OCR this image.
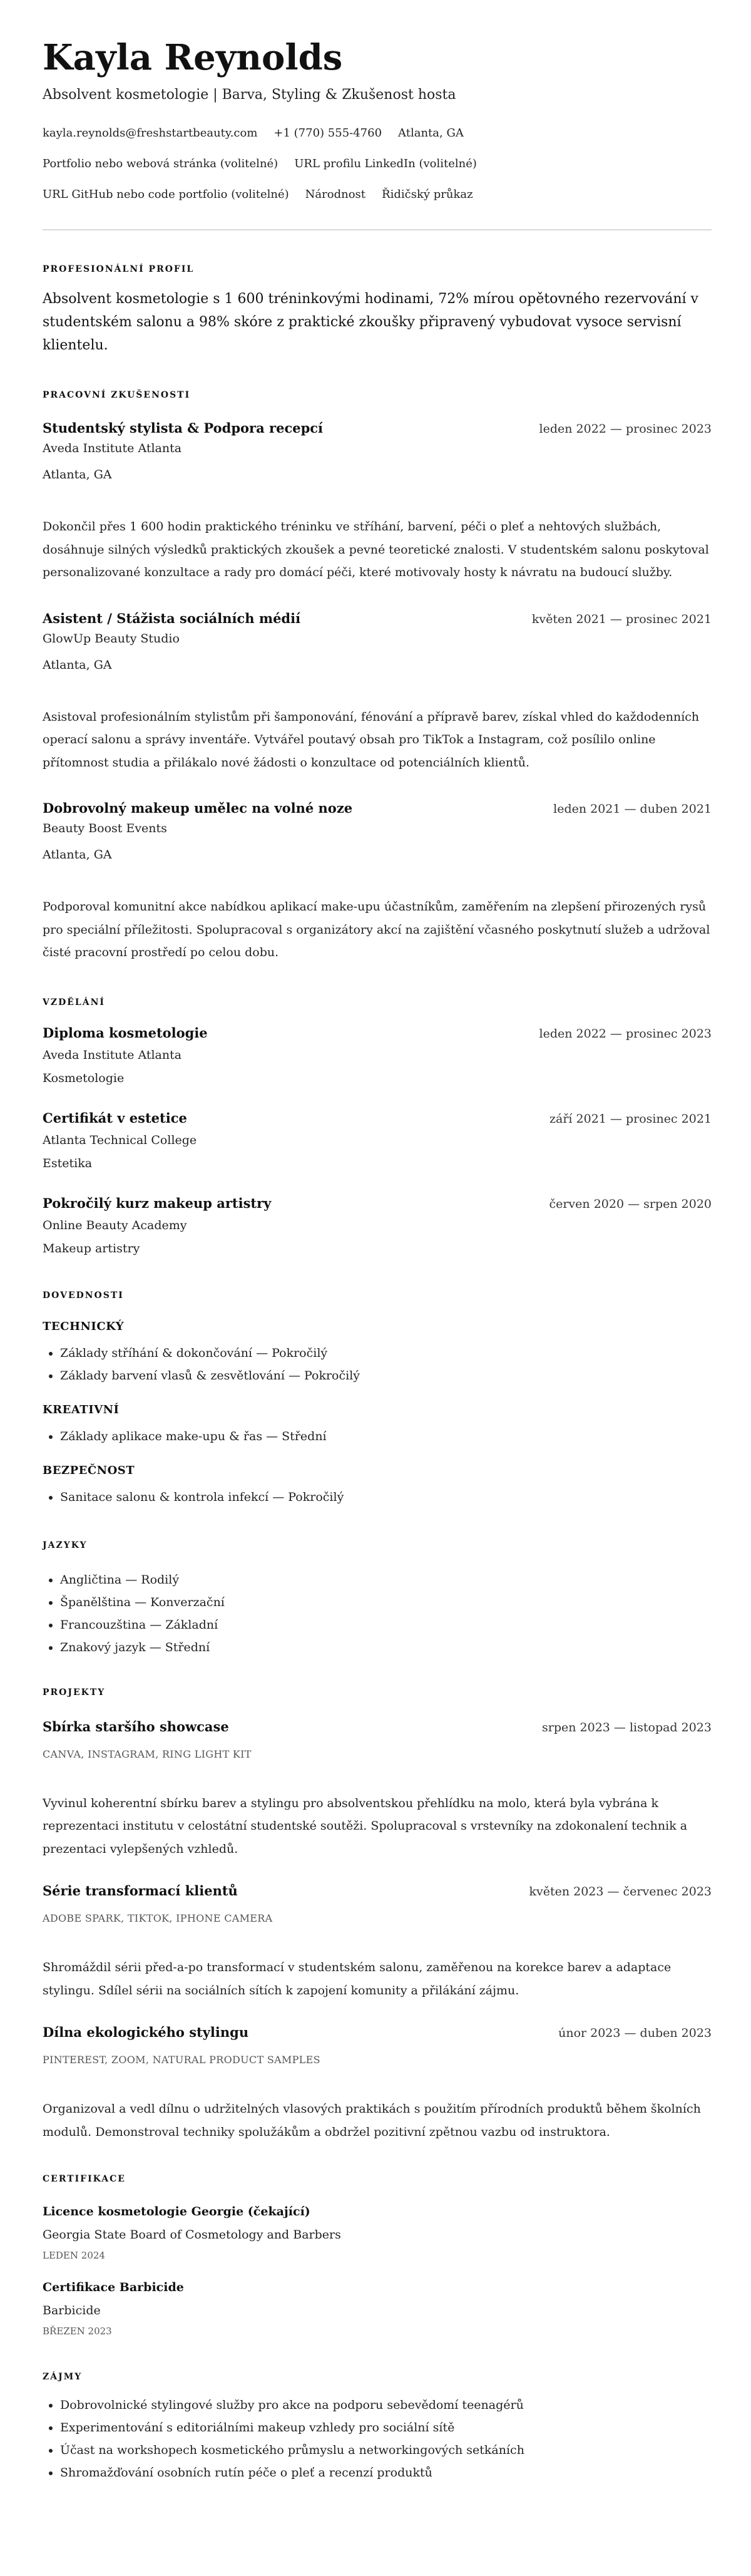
Kayla Reynolds
Absolvent kosmetologie | Barva, Styling & Zkušenost hosta
kayla.reynolds@freshstartbeauty.com +1 (770) 555-4760 Atlanta, GA
Portfolio nebo webová stránka (volitelné) URL profilu LinkedIn (volitelné)
URL GitHub nebo code portfolio (volitelné) Národnost Řidičský průkaz
PROFESIONÁLNÍ PROFIL
Absolvent kosmetologie s 1 600 tréninkovými hodinami, 72% mírou opětovného rezervování v studentském salonu a 98% skóre z praktické zkoušky připravený vybudovat vysoce servisní klientelu.
PRACOVNÍ ZKUŠENOSTI
Studentský stylista & Podpora recepcí	leden 2022 — prosinec 2023
Aveda Institute Atlanta
Atlanta, GA
Dokončil přes 1 600 hodin praktického tréninku ve stříhání, barvení, péči o pleť a nehtových službách, dosáhnuje silných výsledků praktických zkoušek a pevné teoretické znalosti. V studentském salonu poskytoval personalizované konzultace a rady pro domácí péči, které motivovaly hosty k návratu na budoucí služby.
Asistent / Stážista sociálních médií	květen 2021 — prosinec 2021
GlowUp Beauty Studio
Atlanta, GA
Asistoval profesionálním stylistům při šamponování, fénování a přípravě barev, získal vhled do každodenních operací salonu a správy inventáře. Vytvářel poutavý obsah pro TikTok a Instagram, což posílilo online přítomnost studia a přilákalo nové žádosti o konzultace od potenciálních klientů.
Dobrovolný makeup umělec na volné noze	leden 2021 — duben 2021
Beauty Boost Events
Atlanta, GA
Podporoval komunitní akce nabídkou aplikací make-upu účastníkům, zaměřením na zlepšení přirozených rysů pro speciální příležitosti. Spolupracoval s organizátory akcí na zajištění včasného poskytnutí služeb a udržoval čisté pracovní prostředí po celou dobu.
VZDĚLÁNÍ
Diploma kosmetologie	leden 2022 — prosinec 2023
Aveda Institute Atlanta
Kosmetologie
Certifikát v estetice	září 2021 — prosinec 2021
Atlanta Technical College
Estetika
Pokročilý kurz makeup artistry	červen 2020 — srpen 2020
Online Beauty Academy
Makeup artistry
DOVEDNOSTI
TECHNICKÝ
• Základy stříhání & dokončování — Pokročilý
• Základy barvení vlasů & zesvětlování — Pokročilý
KREATIVNÍ
• Základy aplikace make-upu & řas — Střední
BEZPEČNOST
• Sanitace salonu & kontrola infekcí — Pokročilý
JAZYKY
• Angličtina — Rodilý
• Španělština — Konverzační
• Francouzština — Základní
• Znakový jazyk — Střední
PROJEKTY
Sbírka staršího showcase	srpen 2023 — listopad 2023
CANVA, INSTAGRAM, RING LIGHT KIT
Vyvinul koherentní sbírku barev a stylingu pro absolventskou přehlídku na molo, která byla vybrána k reprezentaci institutu v celostátní studentské soutěži. Spolupracoval s vrstevníky na zdokonalení technik a prezentaci vylepšených vzhledů.
Série transformací klientů	květen 2023 — červenec 2023
ADOBE SPARK, TIKTOK, IPHONE CAMERA
Shromáždil sérii před-a-po transformací v studentském salonu, zaměřenou na korekce barev a adaptace stylingu. Sdílel sérii na sociálních sítích k zapojení komunity a přilákání zájmu.
Dílna ekologického stylingu	únor 2023 — duben 2023
PINTEREST, ZOOM, NATURAL PRODUCT SAMPLES
Organizoval a vedl dílnu o udržitelných vlasových praktikách s použitím přírodních produktů během školních modulů. Demonstroval techniky spolužákům a obdržel pozitivní zpětnou vazbu od instruktora.
CERTIFIKACE
Licence kosmetologie Georgie (čekající)
Georgia State Board of Cosmetology and Barbers
LEDEN 2024
Certifikace Barbicide
Barbicide
BŘEZEN 2023
ZÁJMY
• Dobrovolnické stylingové služby pro akce na podporu sebevědomí teenagérů
• Experimentování s editoriálními makeup vzhledy pro sociální sítě
• Účast na workshopech kosmetického průmyslu a networkingových setkáních
• Shromažďování osobních rutín péče o pleť a recenzí produktů
